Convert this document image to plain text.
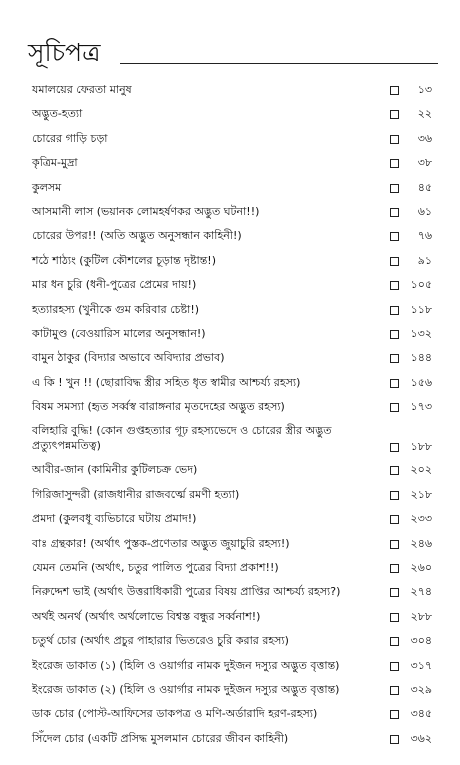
সূচিপত্র
যমালয়ের ফেরতা মানুষ	১৩
অদ্ভুত-হত্যা	২২
চোরের গাড়ি চড়া	৩৬
কৃত্রিম-মুদ্রা	৩৮
কুলসম	৪৫
আসমানী লাস (ভয়ানক লোমহর্ষণকর অদ্ভুত ঘটনা!!)	৬১
চোরের উপর!! (অতি অদ্ভুত অনুসন্ধান কাহিনী!)	৭৬
শঠে শাঠ্যং (কুটিল কৌশলের চূড়ান্ত দৃষ্টান্ত!)	৯১
মার ধন চুরি (ধনী-পুত্রের প্রেমের দায়!)	১০৫
হত্যারহস্য (খুনীকে গুম করিবার চেষ্টা!)	১১৮
কাটামুণ্ড (বেওয়ারিস মালের অনুসন্ধান!)	১৩২
বামুন ঠাকুর (বিদ্যার অভাবে অবিদ্যার প্রভাব)	১৪৪
এ কি ! খুন !! (ছোরাবিদ্ধ স্ত্রীর সহিত ধৃত স্বামীর আশ্চর্য্য রহস্য)	১৫৬
বিষম সমস্যা (হৃত সর্ব্বস্ব বারাঙ্গনার মৃতদেহের অদ্ভুত রহস্য)	১৭৩
বলিহারি বুদ্ধি! (কোন গুপ্তহত্যার গূঢ় রহস্যভেদে ও চোরের স্ত্রীর অদ্ভুত প্রত্যুৎপন্নমতিত্ব)	১৮৮
আবীর-জান (কামিনীর কুটিলচক্র ভেদ)	২০২
গিরিজাসুন্দরী (রাজধানীর রাজবর্ত্মে রমণী হত্যা)	২১৮
প্রমদা (কুলবধূ ব্যভিচারে ঘটায় প্রমাদ!)	২৩৩
বাঃ গ্রন্থকার! (অর্থাৎ পুস্তক-প্রণেতার অদ্ভুত জুয়াচুরি রহস্য!)	২৪৬
যেমন তেমনি (অর্থাৎ, চতুর পালিত পুত্রের বিদ্যা প্রকাশ!!)	২৬০
নিরুদ্দেশ ভাই (অর্থাৎ উত্তরাধিকারী পুত্রের বিষয় প্রাপ্তির আশ্চর্য্য রহস্য?)	২৭৪
অর্থই অনর্থ (অর্থাৎ অর্থলোভে বিশ্বস্ত বন্ধুর সর্ব্বনাশ!)	২৮৮
চতুর্থ চোর (অর্থাৎ প্রচুর পাহারার ভিতরেও চুরি করার রহস্য)	৩০৪
ইংরেজ ডাকাত (১) (হিলি ও ওয়ার্গার নামক দুইজন দস্যুর অদ্ভুত বৃত্তান্ত)	৩১৭
ইংরেজ ডাকাত (২) (হিলি ও ওয়ার্গার নামক দুইজন দস্যুর অদ্ভুত বৃত্তান্ত)	৩২৯
ডাক চোর (পোস্ট-আফিসের ডাকপত্র ও মণি-অর্ডারাদি হরণ-রহস্য)	৩৪৫
সিঁদেল চোর (একটি প্রসিদ্ধ মুসলমান চোরের জীবন কাহিনী)	৩৬২
